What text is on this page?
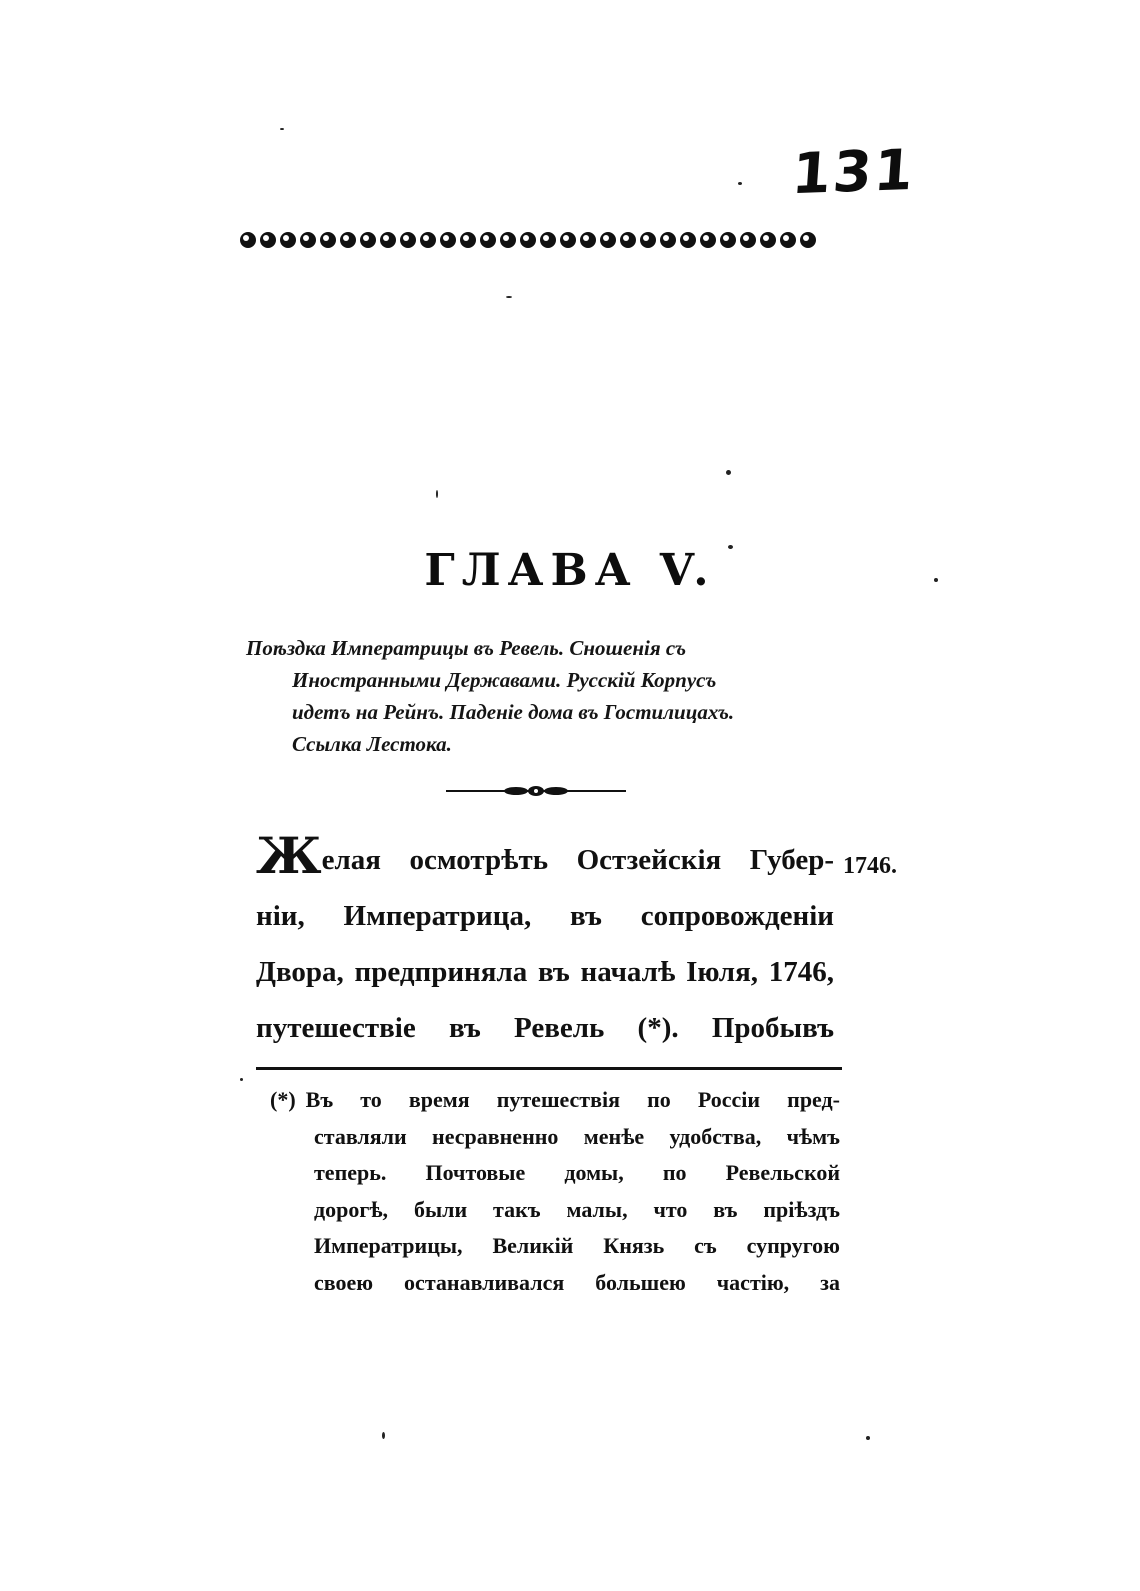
131
ГЛАВА V.
Поѣздка Императрицы въ Ревель. Сношенія съ
Иностранными Державами. Русскій Корпусъ
идетъ на Рейнъ. Паденіе дома въ Гостилицахъ.
Ссылка Лестока.
Желая осмотрѣть Остзейскія Губер-
ніи, Императрица, въ сопровожденіи
Двора, предприняла въ началѣ Іюля, 1746,
путешествіе въ Ревель (*). Пробывъ
1746.
(*) Въ то время путешествія по Россіи пред-
ставляли несравненно менѣе удобства, чѣмъ
теперь. Почтовые домы, по Ревельской
дорогѣ, были такъ малы, что въ пріѣздъ
Императрицы, Великій Князь съ супругою
своею останавливался большею частію, за
